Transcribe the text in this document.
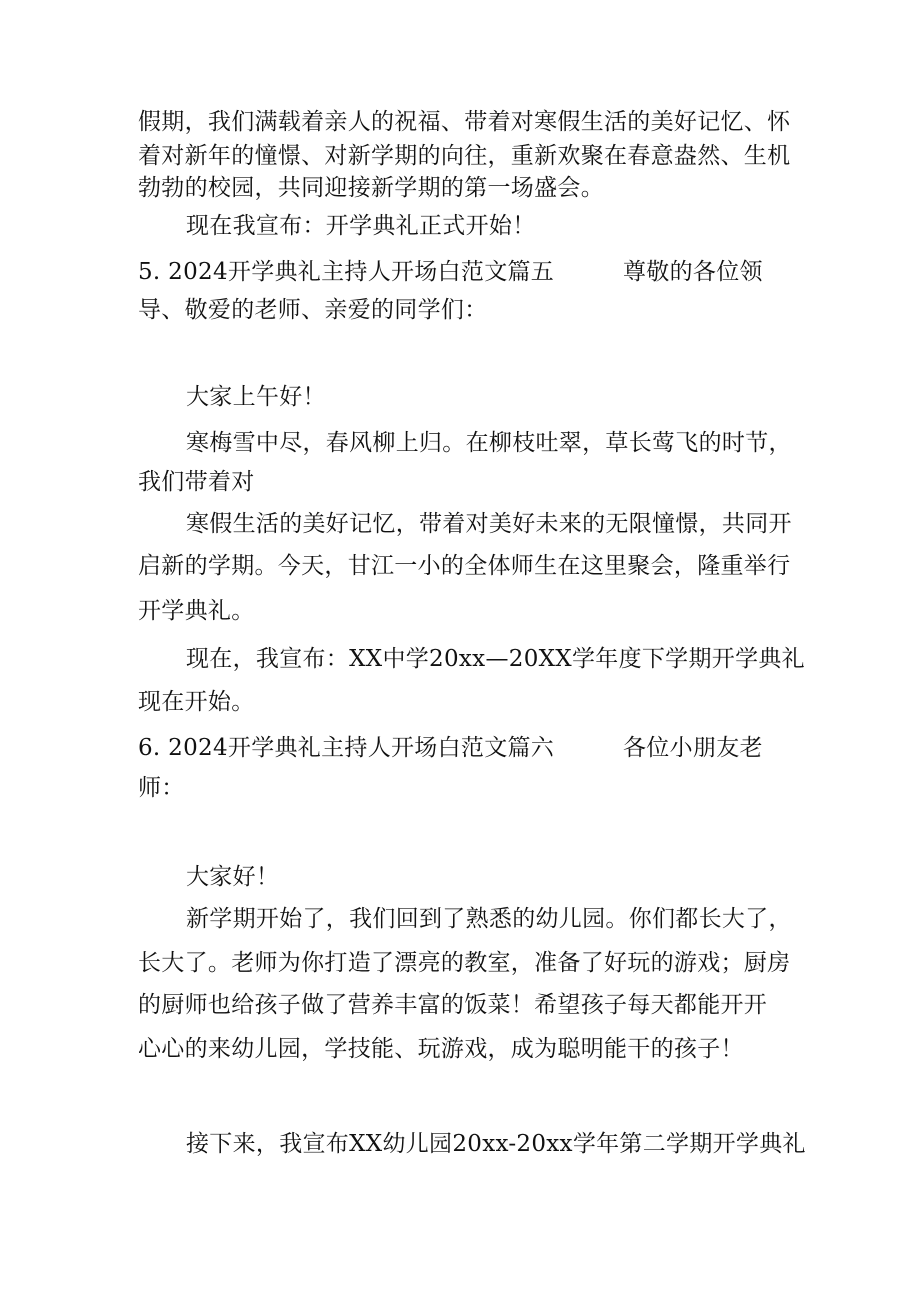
假期，我们满载着亲人的祝福、带着对寒假生活的美好记忆、怀
着对新年的憧憬、对新学期的向往，重新欢聚在春意盎然、生机
勃勃的校园，共同迎接新学期的第一场盛会。
现在我宣布：开学典礼正式开始！
5. 2024开学典礼主持人开场白范文篇五	尊敬的各位领
导、敬爱的老师、亲爱的同学们：
大家上午好！
寒梅雪中尽，春风柳上归。在柳枝吐翠，草长莺飞的时节，
我们带着对
寒假生活的美好记忆，带着对美好未来的无限憧憬，共同开
启新的学期。今天，甘江一小的全体师生在这里聚会，隆重举行
开学典礼。
现在，我宣布：XX中学20xx—20XX学年度下学期开学典礼
现在开始。
6. 2024开学典礼主持人开场白范文篇六	各位小朋友老
师：
大家好！
新学期开始了，我们回到了熟悉的幼儿园。你们都长大了，
长大了。老师为你打造了漂亮的教室，准备了好玩的游戏；厨房
的厨师也给孩子做了营养丰富的饭菜！希望孩子每天都能开开
心心的来幼儿园，学技能、玩游戏，成为聪明能干的孩子！
接下来，我宣布XX幼儿园20xx-20xx学年第二学期开学典礼
